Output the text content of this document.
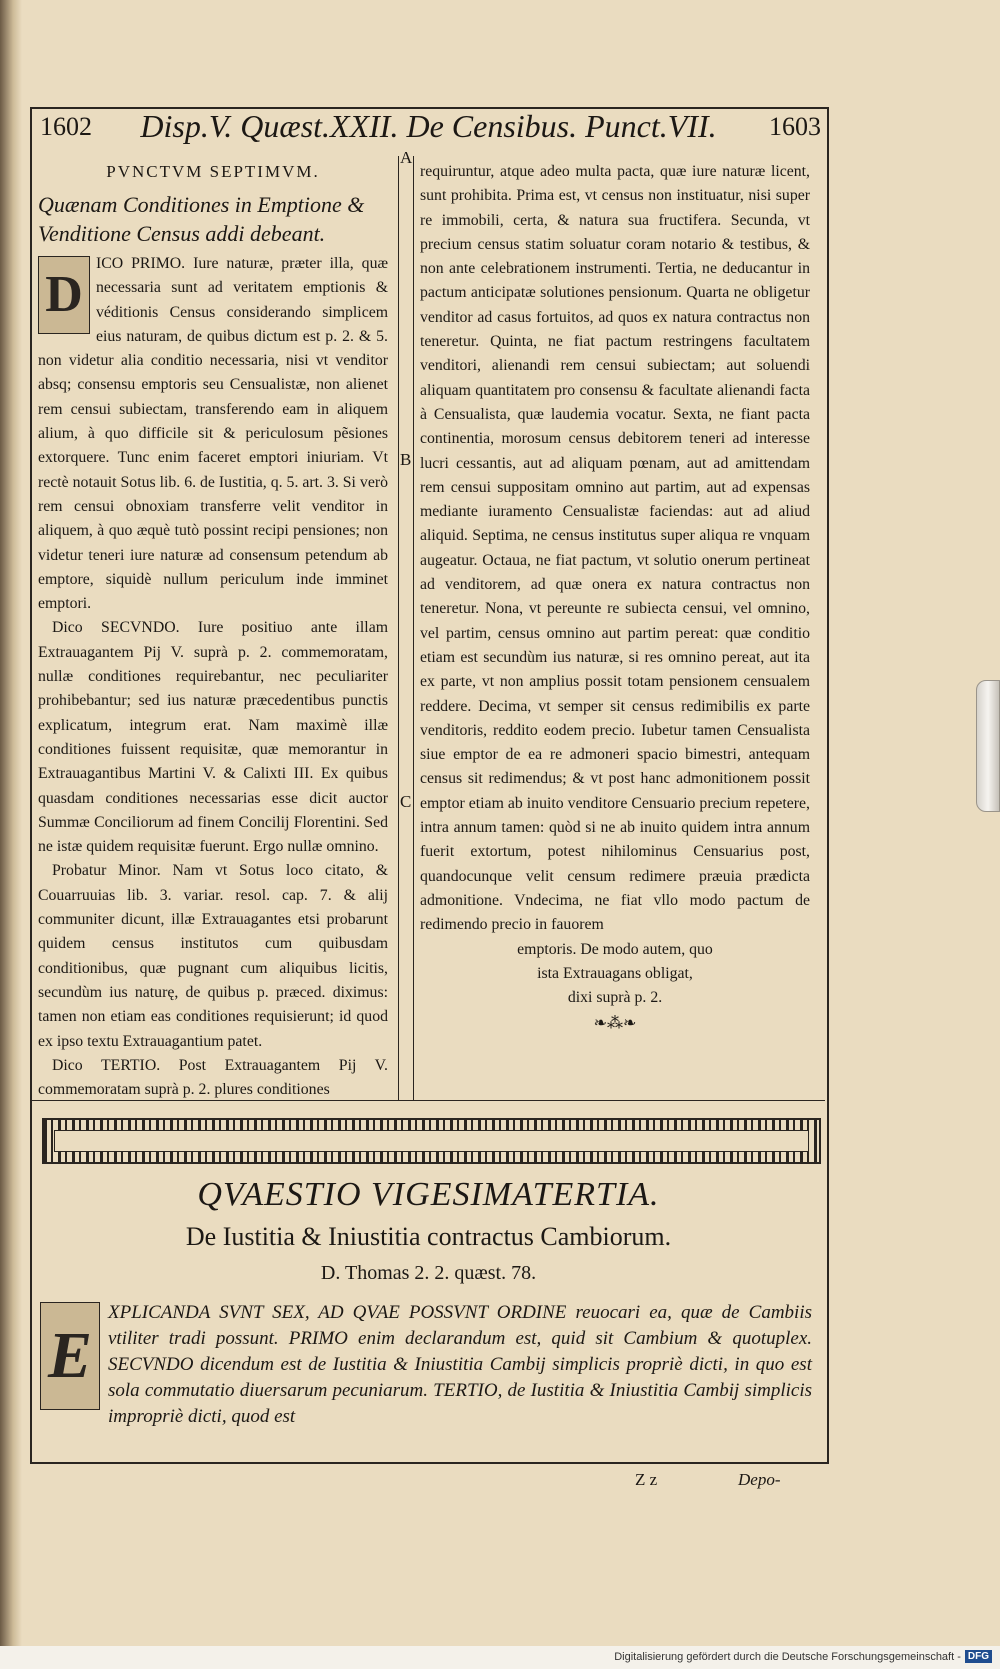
1602	Disp.V. Quæst.XXII. De Censibus. Punct.VII.	1603

PVNCTVM SEPTIMVM.

Quænam Conditiones in Emptione & Venditione Census addi debeant.

D

ICO PRIMO. Iure naturæ, præter illa, quæ necessaria sunt ad veritatem emptionis & véditionis Census considerando simplicem eius naturam, de quibus dictum est p. 2. & 5. non videtur alia conditio necessaria, nisi vt venditor absq; consensu emptoris seu Censualistæ, non alienet rem censui subiectam, transferendo eam in aliquem alium, à quo difficile sit & periculosum pẽsiones extorquere. Tunc enim faceret emptori iniuriam. Vt rectè notauit Sotus lib. 6. de Iustitia, q. 5. art. 3. Si verò rem censui obnoxiam transferre velit venditor in aliquem, à quo æquè tutò possint recipi pensiones; non videtur teneri iure naturæ ad consensum petendum ab emptore, siquidè nullum periculum inde imminet emptori.

Dico SECVNDO. Iure positiuo ante illam Extrauagantem Pij V. suprà p. 2. commemoratam, nullæ conditiones requirebantur, nec peculiariter prohibebantur; sed ius naturæ præcedentibus punctis explicatum, integrum erat. Nam maximè illæ conditiones fuissent requisitæ, quæ memorantur in Extrauagantibus Martini V. & Calixti III. Ex quibus quasdam conditiones necessarias esse dicit auctor Summæ Conciliorum ad finem Concilij Florentini. Sed ne istæ quidem requisitæ fuerunt. Ergo nullæ omnino.

Probatur Minor. Nam vt Sotus loco citato, & Couarruuias lib. 3. variar. resol. cap. 7. & alij communiter dicunt, illæ Extrauagantes etsi probarunt quidem census institutos cum quibusdam conditionibus, quæ pugnant cum aliquibus licitis, secundùm ius naturę, de quibus p. præced. diximus: tamen non etiam eas conditiones requisierunt; id quod ex ipso textu Extrauagantium patet.

Dico TERTIO. Post Extrauagantem Pij V. commemoratam suprà p. 2. plures conditiones

A
B
C

requiruntur, atque adeo multa pacta, quæ iure naturæ licent, sunt prohibita. Prima est, vt census non instituatur, nisi super re immobili, certa, & natura sua fructifera. Secunda, vt precium census statim soluatur coram notario & testibus, & non ante celebrationem instrumenti. Tertia, ne deducantur in pactum anticipatæ solutiones pensionum. Quarta ne obligetur venditor ad casus fortuitos, ad quos ex natura contractus non teneretur. Quinta, ne fiat pactum restringens facultatem venditori, alienandi rem censui subiectam; aut soluendi aliquam quantitatem pro consensu & facultate alienandi facta à Censualista, quæ laudemia vocatur. Sexta, ne fiant pacta continentia, morosum census debitorem teneri ad interesse lucri cessantis, aut ad aliquam pœnam, aut ad amittendam rem censui suppositam omnino aut partim, aut ad expensas mediante iuramento Censualistæ faciendas: aut ad aliud aliquid. Septima, ne census institutus super aliqua re vnquam augeatur. Octaua, ne fiat pactum, vt solutio onerum pertineat ad venditorem, ad quæ onera ex natura contractus non teneretur. Nona, vt pereunte re subiecta censui, vel omnino, vel partim, census omnino aut partim pereat: quæ conditio etiam est secundùm ius naturæ, si res omnino pereat, aut ita ex parte, vt non amplius possit totam pensionem censualem reddere. Decima, vt semper sit census redimibilis ex parte venditoris, reddito eodem precio. Iubetur tamen Censualista siue emptor de ea re admoneri spacio bimestri, antequam census sit redimendus; & vt post hanc admonitionem possit emptor etiam ab inuito venditore Censuario precium repetere, intra annum tamen: quòd si ne ab inuito quidem intra annum fuerit extortum, potest nihilominus Censuarius post, quandocunque velit censum redimere præuia prædicta admonitione. Vndecima, ne fiat vllo modo pactum de redimendo precio in fauorem

emptoris. De modo autem, quo

ista Extrauagans obligat,

dixi suprà p. 2.

❧⁂❧
QVAESTIO VIGESIMATERTIA.
De Iustitia & Iniustitia contractus Cambiorum.
D. Thomas 2. 2. quæst. 78.
E
XPLICANDA SVNT SEX, AD QVAE POSSVNT ORDINE reuocari ea, quæ de Cambiis vtiliter tradi possunt. PRIMO enim declarandum est, quid sit Cambium & quotuplex. SECVNDO dicendum est de Iustitia & Iniustitia Cambij simplicis propriè dicti, in quo est sola commutatio diuersarum pecuniarum. TERTIO, de Iustitia & Iniustitia Cambij simplicis impropriè dicti, quod est
Z z	Depo-
Digitalisierung gefördert durch die Deutsche Forschungsgemeinschaft - DFG
